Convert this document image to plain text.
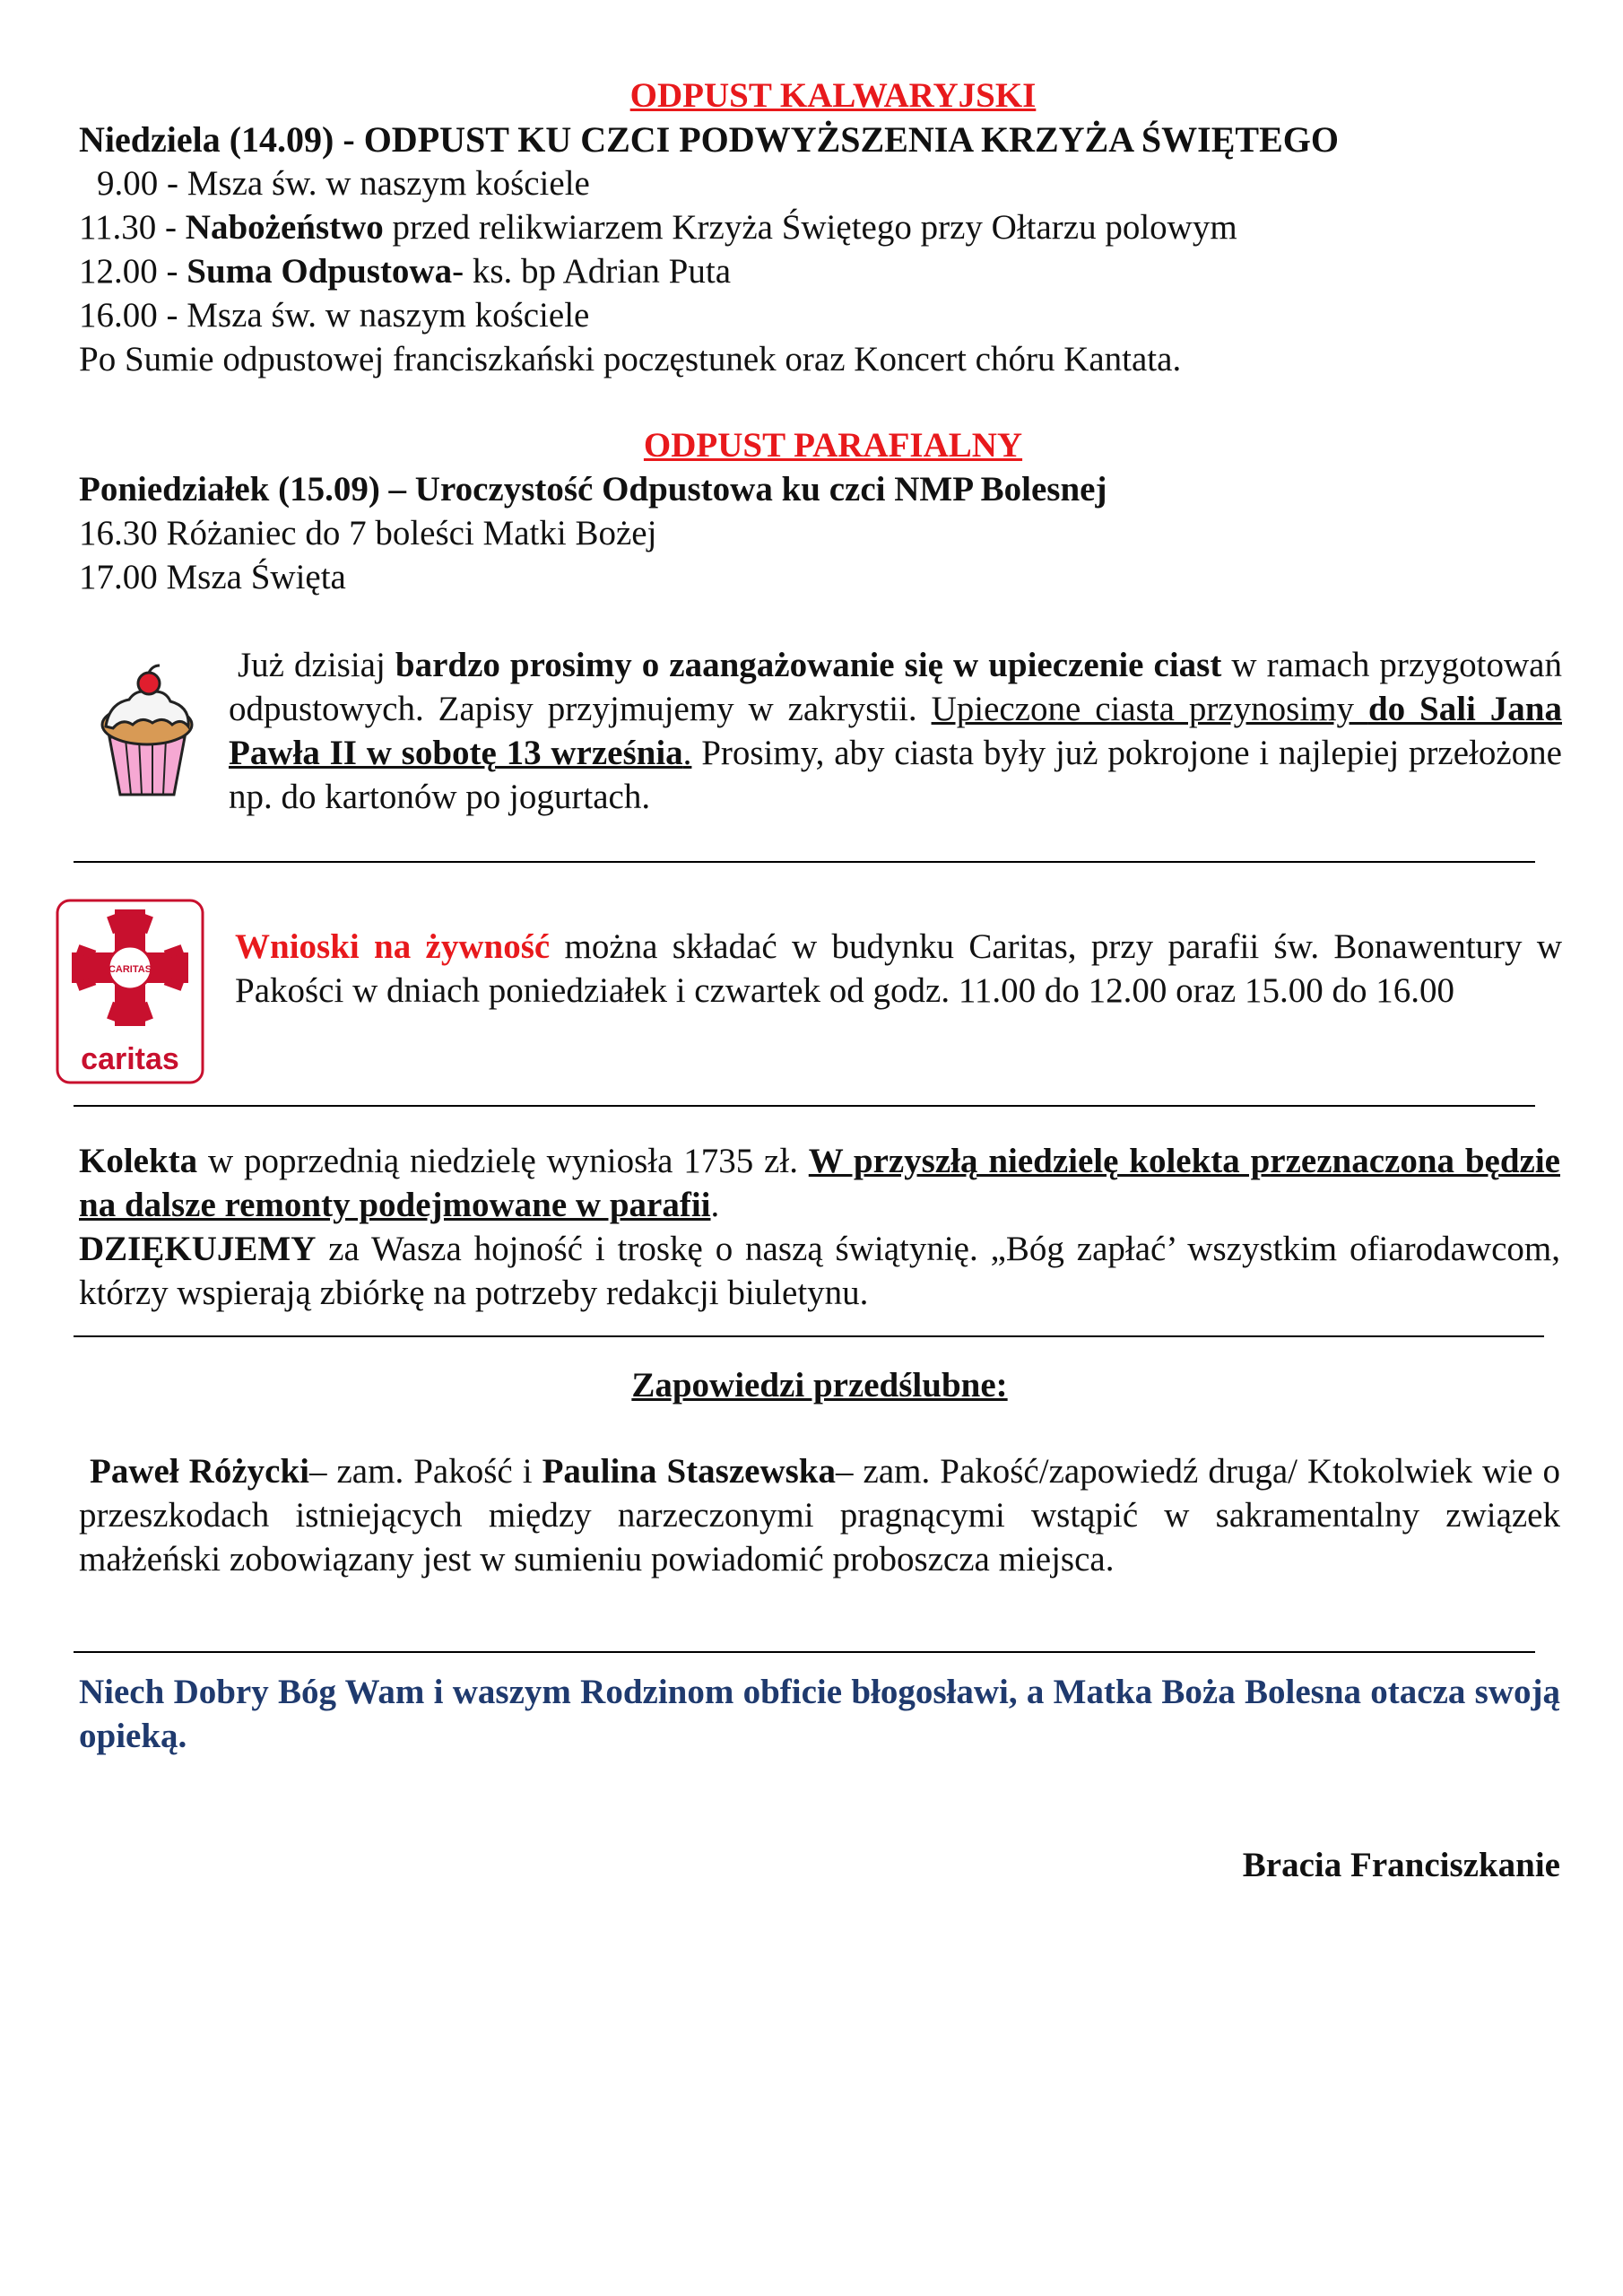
ODPUST KALWARYJSKI
Niedziela (14.09) - ODPUST KU CZCI PODWYŻSZENIA KRZYŻA ŚWIĘTEGO
9.00 - Msza św. w naszym kościele
11.30 - Nabożeństwo przed relikwiarzem Krzyża Świętego przy Ołtarzu polowym
12.00 - Suma Odpustowa- ks. bp Adrian Puta
16.00 - Msza św. w naszym kościele
Po Sumie odpustowej franciszkański poczęstunek oraz Koncert chóru Kantata.
ODPUST PARAFIALNY
Poniedziałek (15.09) – Uroczystość Odpustowa ku czci NMP Bolesnej
16.30 Różaniec do 7 boleści Matki Bożej
17.00 Msza Święta
Już dzisiaj bardzo prosimy o zaangażowanie się w upieczenie ciast w ramach przygotowań odpustowych. Zapisy przyjmujemy w zakrystii. Upieczone ciasta przynosimy do Sali Jana Pawła II w sobotę 13 września. Prosimy, aby ciasta były już pokrojone i najlepiej przełożone np. do kartonów po jogurtach.
CARITAS
caritas
Wnioski na żywność można składać w budynku Caritas, przy parafii św. Bonawentury w Pakości w dniach poniedziałek i czwartek od godz. 11.00 do 12.00 oraz 15.00 do 16.00
Kolekta w poprzednią niedzielę wyniosła 1735 zł. W przyszłą niedzielę kolekta przeznaczona będzie na dalsze remonty podejmowane w parafii.
DZIĘKUJEMY za Wasza hojność i troskę o naszą świątynię. „Bóg zapłać’ wszystkim ofiarodawcom, którzy wspierają zbiórkę na potrzeby redakcji biuletynu.
Zapowiedzi przedślubne:
Paweł Różycki– zam. Pakość i Paulina Staszewska– zam. Pakość/zapowiedź druga/ Ktokolwiek wie o przeszkodach istniejących między narzeczonymi pragnącymi wstąpić w sakramentalny związek małżeński zobowiązany jest w sumieniu powiadomić proboszcza miejsca.
Niech Dobry Bóg Wam i waszym Rodzinom obficie błogosławi, a Matka Boża Bolesna otacza swoją opieką.
Bracia Franciszkanie
